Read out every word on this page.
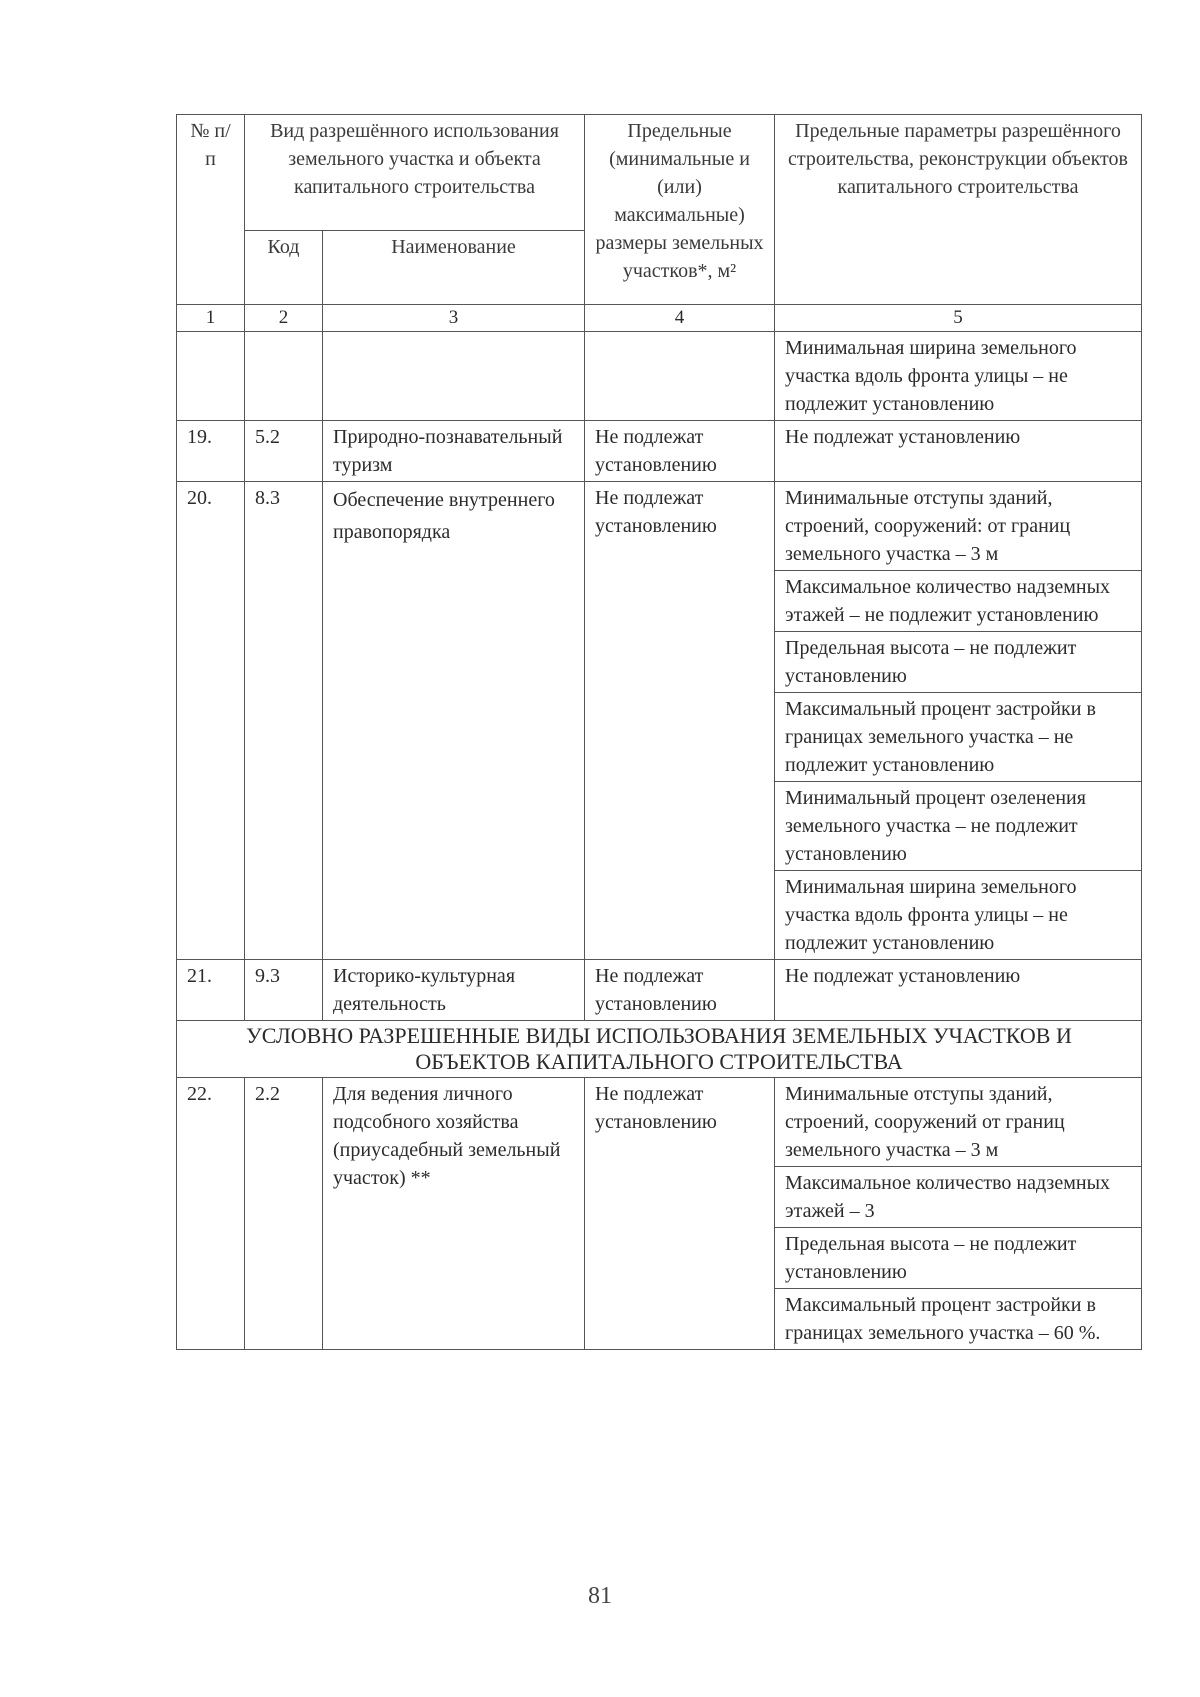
№ п/п	Вид разрешённого использования земельного участка и объекта капитального строительства		Предельные (минимальные и (или) максимальные) размеры земельных участков*, м²	Предельные параметры разрешённого строительства, реконструкции объектов капитального строительства
	Код	Наименование		
1	2	3	4	5
				Минимальная ширина земельного участка вдоль фронта улицы – не подлежит установлению
19.	5.2	Природно-познавательный туризм	Не подлежат установлению	Не подлежат установлению
20.	8.3	Обеспечение внутреннего правопорядка	Не подлежат установлению	Минимальные отступы зданий, строений, сооружений: от границ земельного участка – 3 м
				Максимальное количество надземных этажей – не подлежит установлению
				Предельная высота – не подлежит установлению
				Максимальный процент застройки в границах земельного участка – не подлежит установлению
				Минимальный процент озеленения земельного участка – не подлежит установлению
				Минимальная ширина земельного участка вдоль фронта улицы – не подлежит установлению
21.	9.3	Историко-культурная деятельность	Не подлежат установлению	Не подлежат установлению
УСЛОВНО РАЗРЕШЕННЫЕ ВИДЫ ИСПОЛЬЗОВАНИЯ ЗЕМЕЛЬНЫХ УЧАСТКОВ И ОБЪЕКТОВ КАПИТАЛЬНОГО СТРОИТЕЛЬСТВА				
22.	2.2	Для ведения личного подсобного хозяйства (приусадебный земельный участок) **	Не подлежат установлению	Минимальные отступы зданий, строений, сооружений от границ земельного участка – 3 м
				Максимальное количество надземных этажей – 3
				Предельная высота – не подлежит установлению
				Максимальный процент застройки в границах земельного участка – 60 %.
81
